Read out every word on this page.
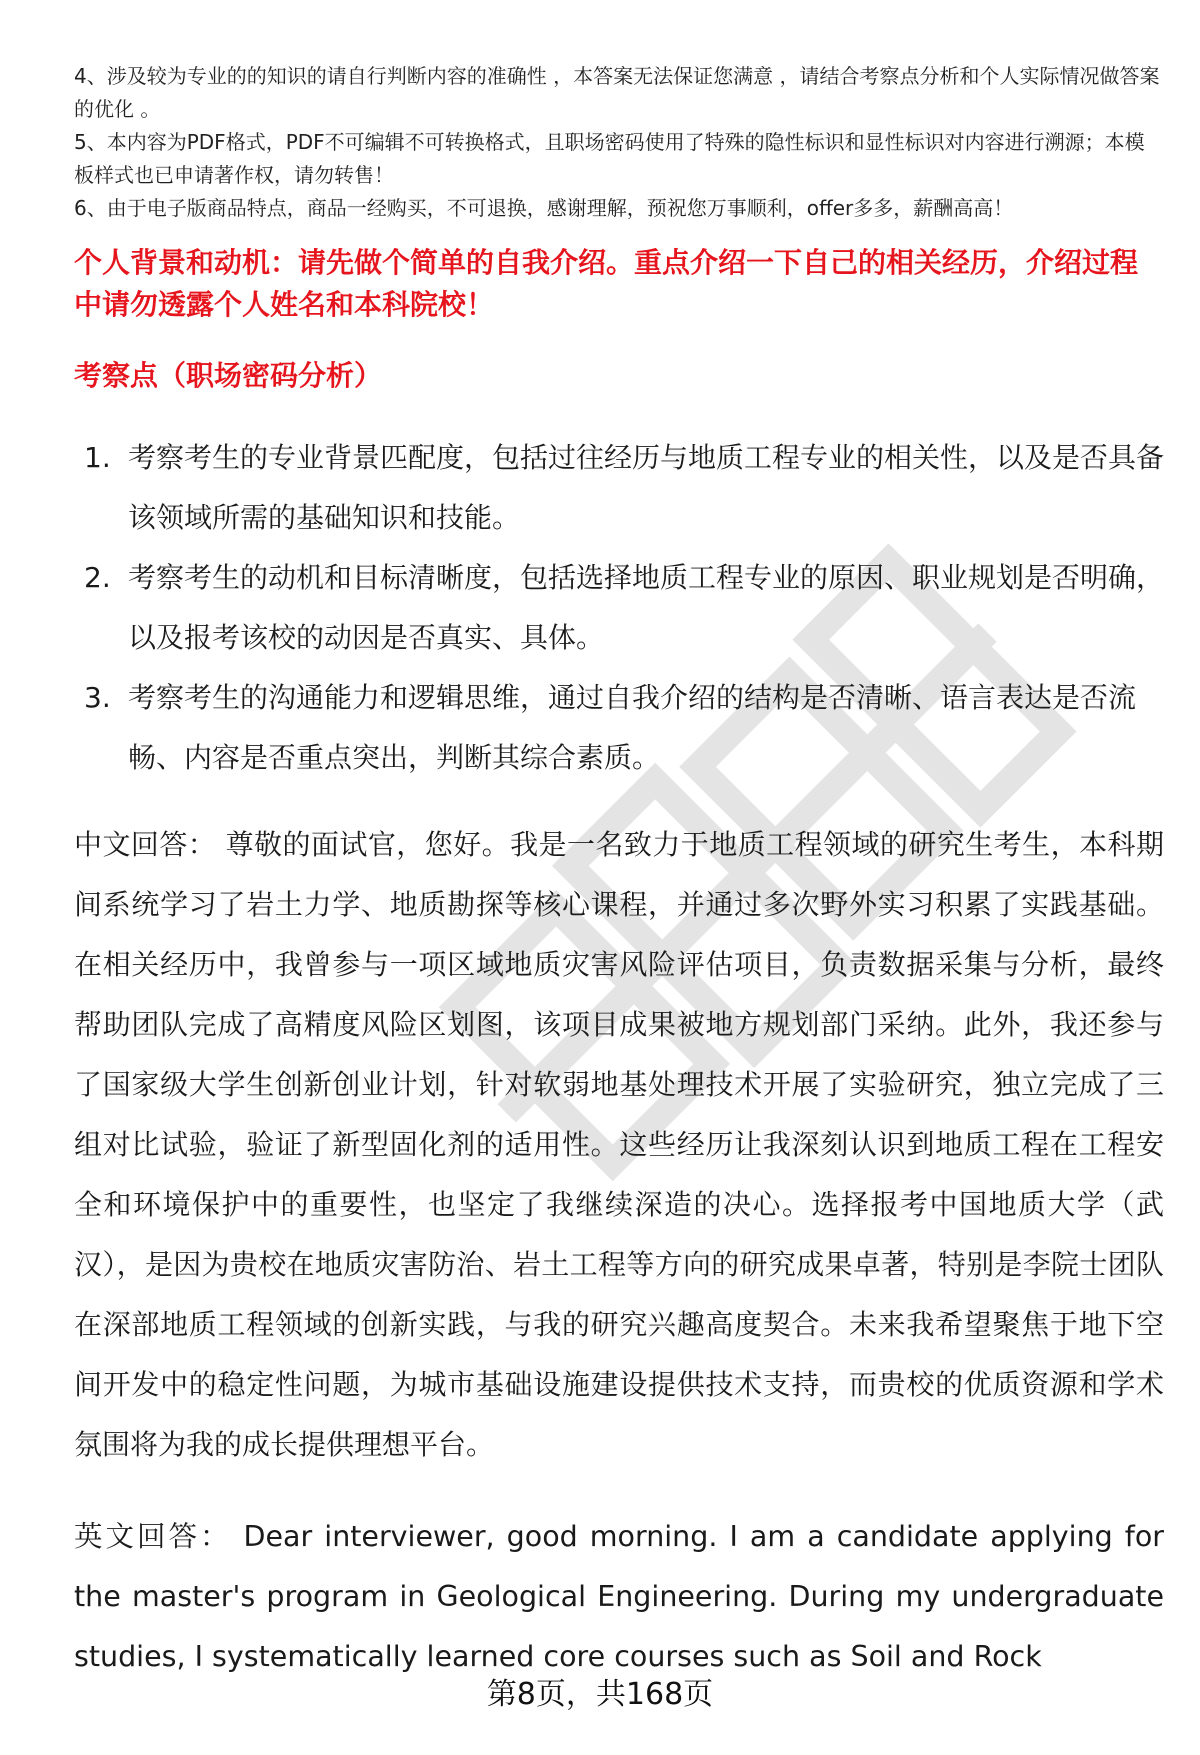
4、涉及较为专业的的知识的请自行判断内容的准确性 ，本答案无法保证您满意 ，请结合考察点分析和个人实际情况做答案的优化 。

5、本内容为PDF格式，PDF不可编辑不可转换格式，且职场密码使用了特殊的隐性标识和显性标识对内容进行溯源；本模板样式也已申请著作权，请勿转售！

6、由于电子版商品特点，商品一经购买，不可退换，感谢理解，预祝您万事顺利，offer多多，薪酬高高！

个人背景和动机：请先做个简单的自我介绍。重点介绍一下自己的相关经历，介绍过程中请勿透露个人姓名和本科院校！
考察点（职场密码分析）
1. 考察考生的专业背景匹配度，包括过往经历与地质工程专业的相关性，以及是否具备该领域所需的基础知识和技能。
2. 考察考生的动机和目标清晰度，包括选择地质工程专业的原因、职业规划是否明确，以及报考该校的动因是否真实、具体。
3. 考察考生的沟通能力和逻辑思维，通过自我介绍的结构是否清晰、语言表达是否流畅、内容是否重点突出，判断其综合素质。

中文回答： 尊敬的面试官，您好。我是一名致力于地质工程领域的研究生考生，本科期间系统学习了岩土力学、地质勘探等核心课程，并通过多次野外实习积累了实践基础。在相关经历中，我曾参与一项区域地质灾害风险评估项目，负责数据采集与分析，最终帮助团队完成了高精度风险区划图，该项目成果被地方规划部门采纳。此外，我还参与了国家级大学生创新创业计划，针对软弱地基处理技术开展了实验研究，独立完成了三组对比试验，验证了新型固化剂的适用性。这些经历让我深刻认识到地质工程在工程安全和环境保护中的重要性，也坚定了我继续深造的决心。选择报考中国地质大学（武汉），是因为贵校在地质灾害防治、岩土工程等方向的研究成果卓著，特别是李院士团队在深部地质工程领域的创新实践，与我的研究兴趣高度契合。未来我希望聚焦于地下空间开发中的稳定性问题，为城市基础设施建设提供技术支持，而贵校的优质资源和学术氛围将为我的成长提供理想平台。

英文回答： Dear interviewer, good morning. I am a candidate applying for the master's program in Geological Engineering. During my undergraduate studies, I systematically learned core courses such as Soil and Rock

第8页，共168页
